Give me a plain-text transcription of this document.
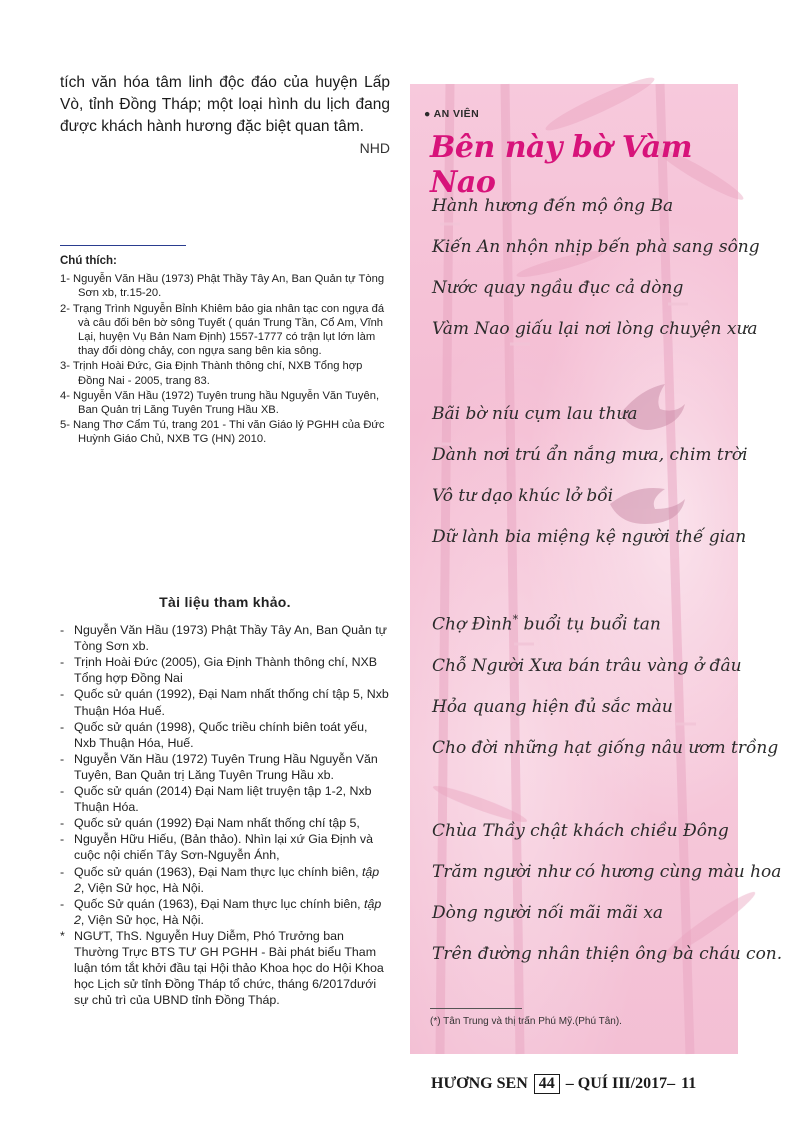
tích văn hóa tâm linh độc đáo của huyện Lấp Vò, tỉnh Đồng Tháp; một loại hình du lịch đang được khách hành hương đặc biệt quan tâm.

NHD
Chú thích:
1- Nguyễn Văn Hầu (1973) Phật Thầy Tây An, Ban Quản tự Tòng Sơn xb, tr.15-20.
2- Trạng Trình Nguyễn Bỉnh Khiêm bảo gia nhân tạc con ngựa đá và câu đối bên bờ sông Tuyết ( quán Trung Tần, Cổ Am, Vĩnh Lại, huyện Vụ Bản Nam Định) 1557-1777 có trận lụt lớn làm thay đổi dòng chảy, con ngựa sang bên kia sông.
3- Trịnh Hoài Đức, Gia Định Thành thông chí, NXB Tổng hợp Đồng Nai - 2005, trang 83.
4- Nguyễn Văn Hầu (1972) Tuyên trung hầu Nguyễn Văn Tuyên, Ban Quản trị Lăng Tuyên Trung Hầu XB.
5- Nang Thơ Cẩm Tú, trang 201 - Thi văn Giáo lý PGHH của Đức Huỳnh Giáo Chủ, NXB TG (HN) 2010.
Tài liệu tham khảo.
- Nguyễn Văn Hầu (1973) Phật Thầy Tây An, Ban Quản tự Tòng Sơn xb.
- Trịnh Hoài Đức (2005), Gia Định Thành thông chí, NXB Tổng hợp Đồng Nai
- Quốc sử quán (1992), Đại Nam nhất thống chí tập 5, Nxb Thuận Hóa Huế.
- Quốc sử quán (1998), Quốc triều chính biên toát yếu, Nxb Thuận Hóa, Huế.
- Nguyễn Văn Hầu (1972) Tuyên Trung Hầu Nguyễn Văn Tuyên, Ban Quản trị Lăng Tuyên Trung Hầu xb.
- Quốc sử quán (2014) Đại Nam liệt truyện tập 1-2, Nxb Thuận Hóa.
- Quốc sử quán (1992) Đại Nam nhất thống chí tập 5,
- Nguyễn Hữu Hiếu, (Bản thảo). Nhìn lại xứ Gia Định và cuộc nội chiến Tây Sơn-Nguyễn Ánh,
- Quốc sử quán (1963), Đại Nam thực lục chính biên, tập 2, Viện Sử học, Hà Nội.
- Quốc Sử quán (1963), Đại Nam thực lục chính biên, tập 2, Viện Sử học, Hà Nội.
* NGƯT, ThS. Nguyễn Huy Diễm, Phó Trưởng ban Thường Trực BTS TƯ GH PGHH - Bài phát biểu Tham luận tóm tắt khởi đầu tại Hội thảo Khoa học do Hội Khoa học Lịch sử tỉnh Đồng Tháp tổ chức, tháng 6/2017dưới sự chủ trì của UBND tỉnh Đồng Tháp.
● AN VIÊN
Bên này bờ Vàm Nao
Hành hương đến mộ ông Ba
Kiến An nhộn nhịp bến phà sang sông
Nước quay ngầu đục cả dòng
Vàm Nao giấu lại nơi lòng chuyện xưa
Bãi bờ níu cụm lau thưa
Dành nơi trú ẩn nắng mưa, chim trời
Vô tư dạo khúc lở bồi
Dữ lành bia miệng kệ người thế gian
Chợ Đình* buổi tụ buổi tan
Chỗ Người Xưa bán trâu vàng ở đâu
Hỏa quang hiện đủ sắc màu
Cho đời những hạt giống nâu ươm trồng
Chùa Thầy chật khách chiều Đông
Trăm người như có hương cùng màu hoa
Dòng người nối mãi mãi xa
Trên đường nhân thiện ông bà cháu con.
(*) Tân Trung và thị trấn Phú Mỹ.(Phú Tân).
HƯƠNG SEN 44 – QUÍ III/2017– 11
